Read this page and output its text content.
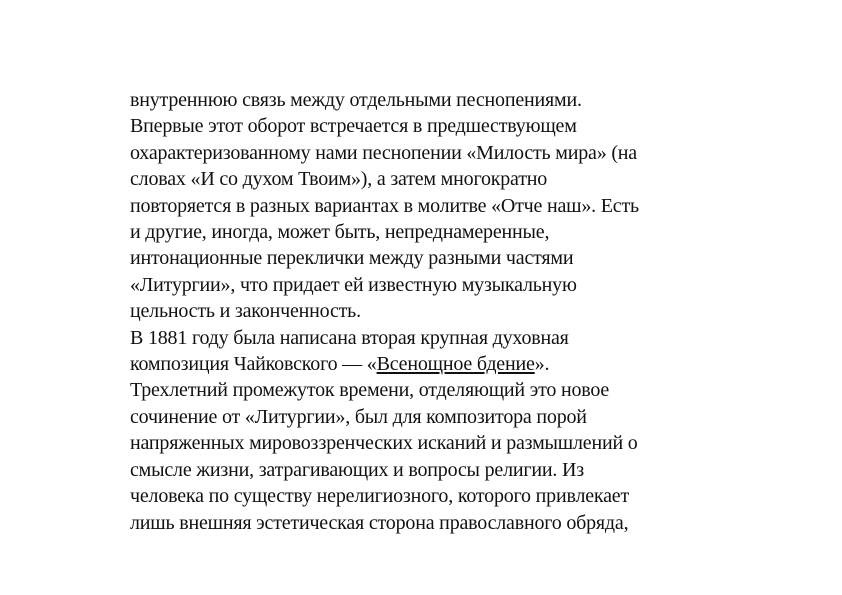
внутреннюю связь между отдельными песнопениями.
Впервые этот оборот встречается в предшествующем
охарактеризованному нами песнопении «Милость мира» (на
словах «И со духом Твоим»), а затем многократно
повторяется в разных вариантах в молитве «Отче наш». Есть
и другие, иногда, может быть, непреднамеренные,
интонационные переклички между разными частями
«Литургии», что придает ей известную музыкальную
цельность и законченность.
В 1881 году была написана вторая крупная духовная
композиция Чайковского — «Всенощное бдение».
Трехлетний промежуток времени, отделяющий это новое
сочинение от «Литургии», был для композитора порой
напряженных мировоззренческих исканий и размышлений о
смысле жизни, затрагивающих и вопросы религии. Из
человека по существу нерелигиозного, которого привлекает
лишь внешняя эстетическая сторона православного обряда,
